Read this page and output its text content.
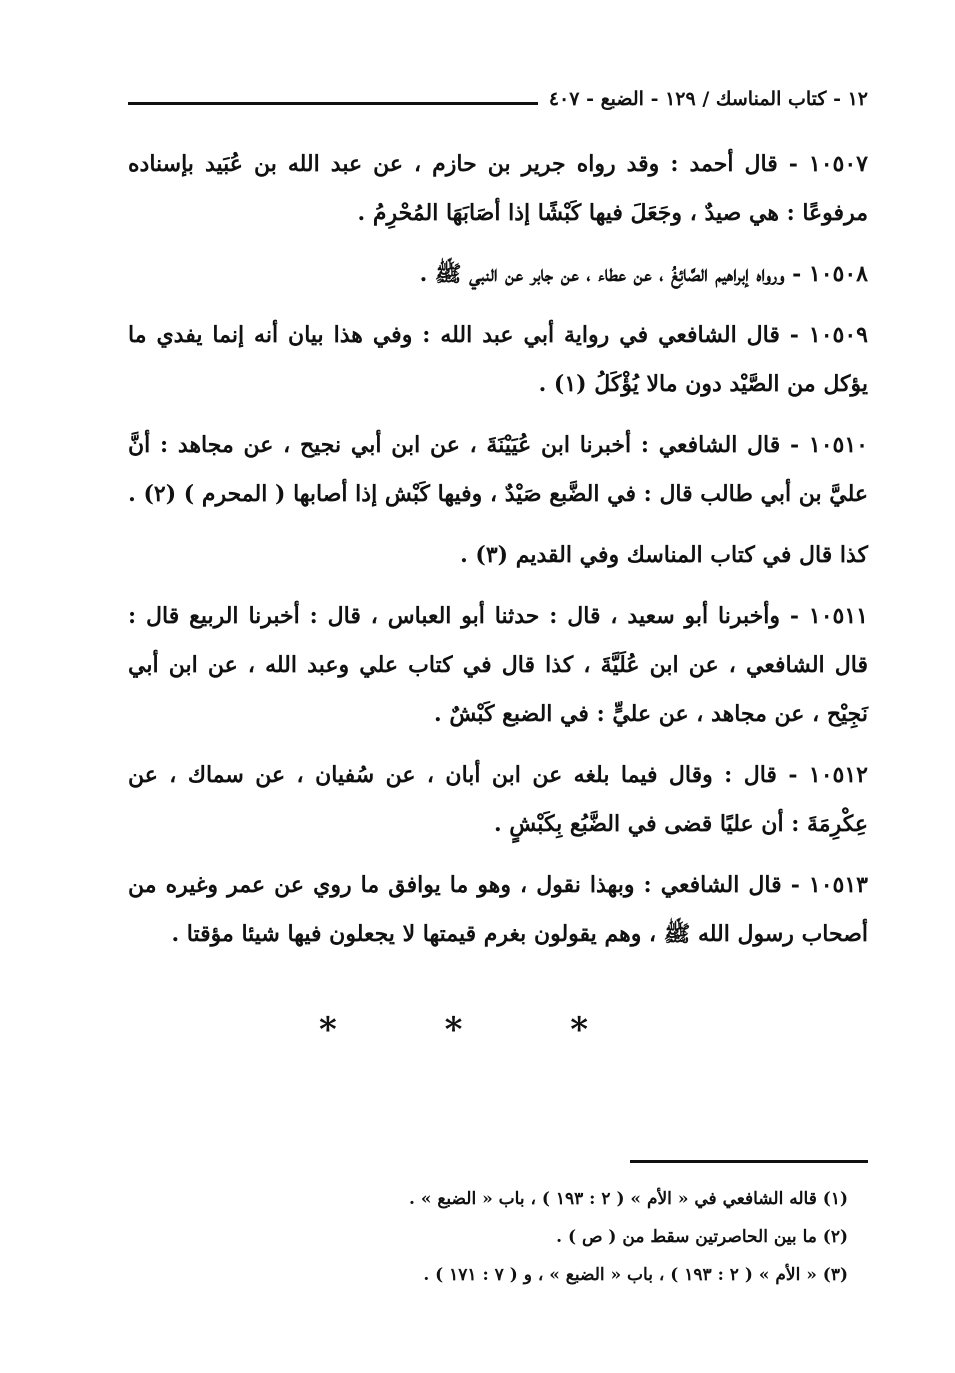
١٢ - كتاب المناسك / ١٢٩ - الضبع - ٤٠٧

١٠٥٠٧ - قال أحمد : وقد رواه جرير بن حازم ، عن عبد الله بن عُبَيد بإسناده مرفوعًا : هي صيدٌ ، وجَعَلَ فيها كَبْشًا إذا أصَابَهَا المُحْرِمُ .

١٠٥٠٨ - ورواه إبراهيم الصَّائِغُ ، عن عطاء ، عن جابر عن النبي ﷺ .

١٠٥٠٩ - قال الشافعي في رواية أبي عبد الله : وفي هذا بيان أنه إنما يفدي ما يؤكل من الصَّيْد دون مالا يُؤْكَلُ (١) .

١٠٥١٠ - قال الشافعي : أخبرنا ابن عُيَيْنَةَ ، عن ابن أبي نجيح ، عن مجاهد : أنَّ عليَّ بن أبي طالب قال : في الضَّبع صَيْدٌ ، وفيها كَبْش إذا أصابها ( المحرم ) (٢) .

كذا قال في كتاب المناسك وفي القديم (٣) .

١٠٥١١ - وأخبرنا أبو سعيد ، قال : حدثنا أبو العباس ، قال : أخبرنا الربيع قال : قال الشافعي ، عن ابن عُلَيَّةَ ، كذا قال في كتاب علي وعبد الله ، عن ابن أبي نَجِيْح ، عن مجاهد ، عن عليٍّ : في الضبع كَبْشٌ .

١٠٥١٢ - قال : وقال فيما بلغه عن ابن أبان ، عن سُفيان ، عن سماك ، عن عِكْرِمَةَ : أن عليًا قضى في الضَّبُع بِكَبْشٍ .

١٠٥١٣ - قال الشافعي : وبهذا نقول ، وهو ما يوافق ما روي عن عمر وغيره من أصحاب رسول الله ﷺ ، وهم يقولون بغرم قيمتها لا يجعلون فيها شيئا مؤقتا .

* * *

(١) قاله الشافعي في « الأم » ( ٢ : ١٩٣ ) ، باب « الضبع » .

(٢) ما بين الحاصرتين سقط من ( ص ) .

(٣) « الأم » ( ٢ : ١٩٣ ) ، باب « الضبع » ، و ( ٧ : ١٧١ ) .
